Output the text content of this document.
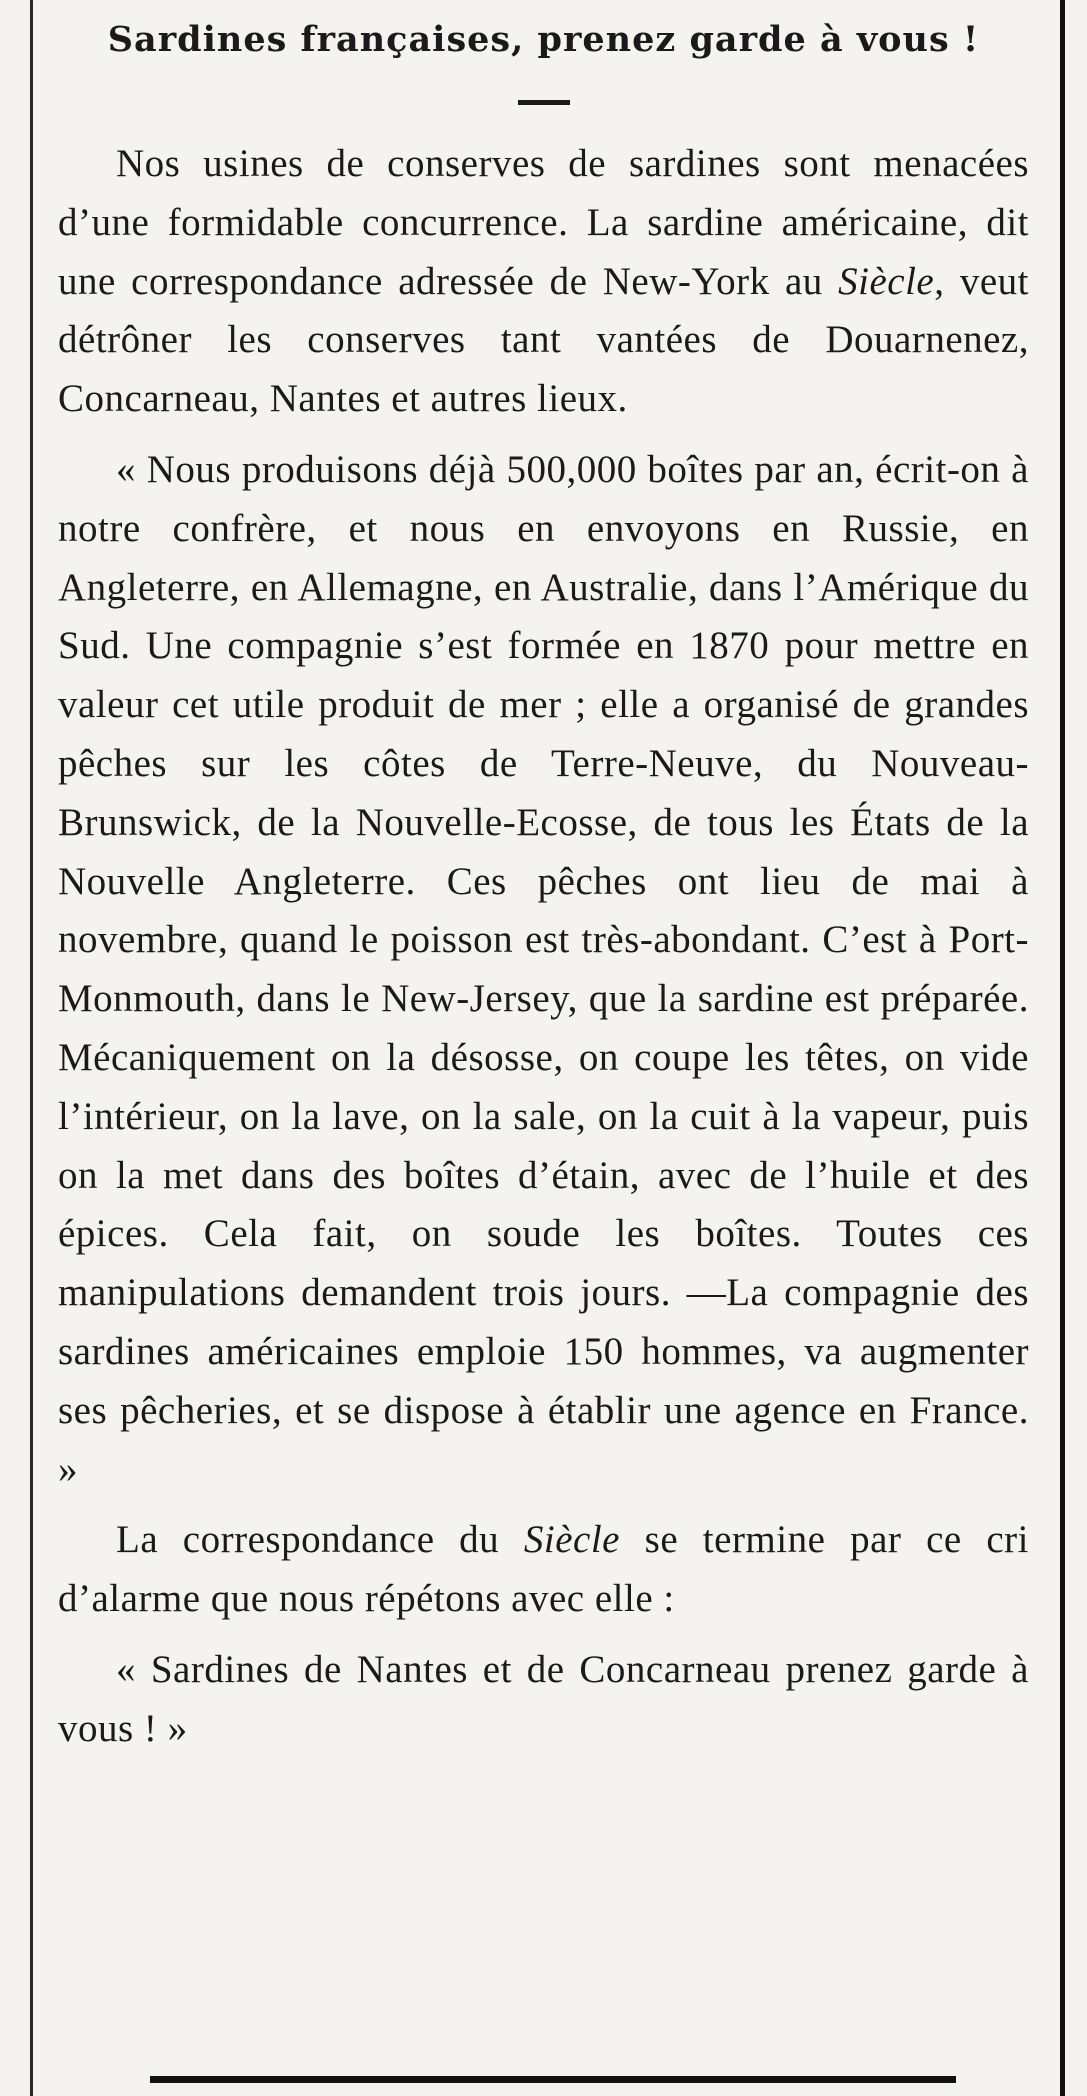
Sardines françaises, prenez garde à vous !

Nos usines de conserves de sardines sont menacées d’une formidable concurrence. La sardine américaine, dit une correspondance adressée de New-York au Siècle, veut détrôner les conserves tant vantées de Douarnenez, Concarneau, Nantes et autres lieux.

« Nous produisons déjà 500,000 boîtes par an, écrit-on à notre confrère, et nous en envoyons en Russie, en Angleterre, en Allemagne, en Australie, dans l’Amérique du Sud. Une compagnie s’est formée en 1870 pour mettre en valeur cet utile produit de mer ; elle a organisé de grandes pêches sur les côtes de Terre-Neuve, du Nouveau-Brunswick, de la Nouvelle-Ecosse, de tous les États de la Nouvelle Angleterre. Ces pêches ont lieu de mai à novembre, quand le poisson est très-abondant. C’est à Port-Monmouth, dans le New-Jersey, que la sardine est préparée. Mécaniquement on la désosse, on coupe les têtes, on vide l’intérieur, on la lave, on la sale, on la cuit à la vapeur, puis on la met dans des boîtes d’étain, avec de l’huile et des épices. Cela fait, on soude les boîtes. Toutes ces manipulations demandent trois jours. —La compagnie des sardines américaines emploie 150 hommes, va augmenter ses pêcheries, et se dispose à établir une agence en France. »

La correspondance du Siècle se termine par ce cri d’alarme que nous répétons avec elle :

« Sardines de Nantes et de Concarneau prenez garde à vous ! »
